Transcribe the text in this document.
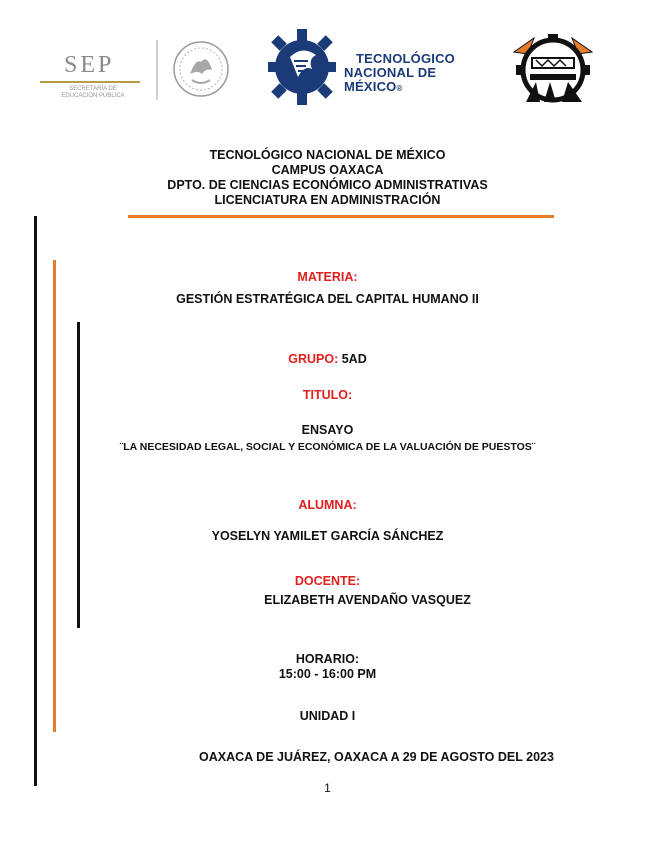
SEP
SECRETARÍA DE EDUCACIÓN PÚBLICA
TECNOLÓGICO
NACIONAL DE MÉXICO®
TECNOLÓGICO NACIONAL DE MÉXICO
CAMPUS OAXACA
DPTO. DE CIENCIAS ECONÓMICO ADMINISTRATIVAS
LICENCIATURA EN ADMINISTRACIÓN
MATERIA:
GESTIÓN ESTRATÉGICA DEL CAPITAL HUMANO II
GRUPO: 5AD
TITULO:
ENSAYO
¨LA NECESIDAD LEGAL, SOCIAL Y ECONÓMICA DE LA VALUACIÓN DE PUESTOS¨
ALUMNA:
YOSELYN YAMILET GARCÍA SÁNCHEZ
DOCENTE:
ELIZABETH AVENDAÑO VASQUEZ
HORARIO:
15:00 - 16:00 PM
UNIDAD I
OAXACA DE JUÁREZ, OAXACA A 29 DE AGOSTO DEL 2023
1
